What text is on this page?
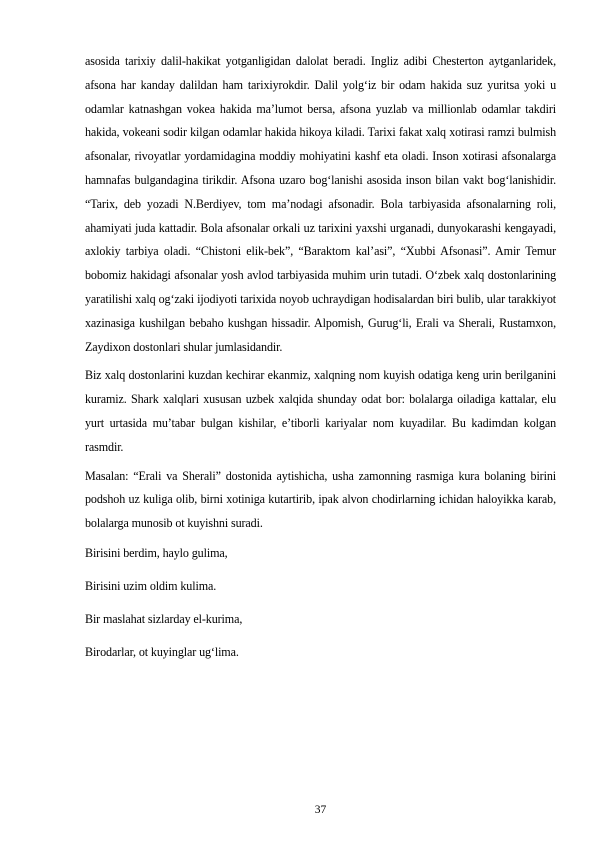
asosida tarixiy dalil-hakikat yotganligidan dalolat beradi. Ingliz adibi Chesterton aytganlaridek, afsona har kanday dalildan ham tarixiyrokdir. Dalil yolg‘iz bir odam hakida suz yuritsa yoki u odamlar katnashgan vokea hakida ma’lumot bersa, afsona yuzlab va millionlab odamlar takdiri hakida, vokeani sodir kilgan odamlar hakida hikoya kiladi. Tarixi fakat xalq xotirasi ramzi bulmish afsonalar, rivoyatlar yordamidagina moddiy mohiyatini kashf eta oladi. Inson xotirasi afsonalarga hamnafas bulgandagina tirikdir. Afsona uzaro bog‘lanishi asosida inson bilan vakt bog‘lanishidir. “Tarix, deb yozadi N.Berdiyev, tom ma’nodagi afsonadir. Bola tarbiyasida afsonalarning roli, ahamiyati juda kattadir. Bola afsonalar orkali uz tarixini yaxshi urganadi, dunyokarashi kengayadi, axlokiy tarbiya oladi. “Chistoni elik-bek”, “Baraktom kal’asi”, “Xubbi Afsonasi”. Amir Temur bobomiz hakidagi afsonalar yosh avlod tarbiyasida muhim urin tutadi. O‘zbek xalq dostonlarining yaratilishi xalq og‘zaki ijodiyoti tarixida noyob uchraydigan hodisalardan biri bulib, ular tarakkiyot xazinasiga kushilgan bebaho kushgan hissadir. Alpomish, Gurug‘li, Erali va Sherali, Rustamxon, Zaydixon dostonlari shular jumlasidandir.

Biz xalq dostonlarini kuzdan kechirar ekanmiz, xalqning nom kuyish odatiga keng urin berilganini kuramiz. Shark xalqlari xususan uzbek xalqida shunday odat bor: bolalarga oiladiga kattalar, elu yurt urtasida mu’tabar bulgan kishilar, e’tiborli kariyalar nom kuyadilar. Bu kadimdan kolgan rasmdir.

Masalan: “Erali va Sherali” dostonida aytishicha, usha zamonning rasmiga kura bolaning birini podshoh uz kuliga olib, birni xotiniga kutartirib, ipak alvon chodirlarning ichidan haloyikka karab, bolalarga munosib ot kuyishni suradi.

Birisini berdim, haylo gulima,

Birisini uzim oldim kulima.

Bir maslahat sizlarday el-kurima,

Birodarlar, ot kuyinglar ug‘lima.

37
